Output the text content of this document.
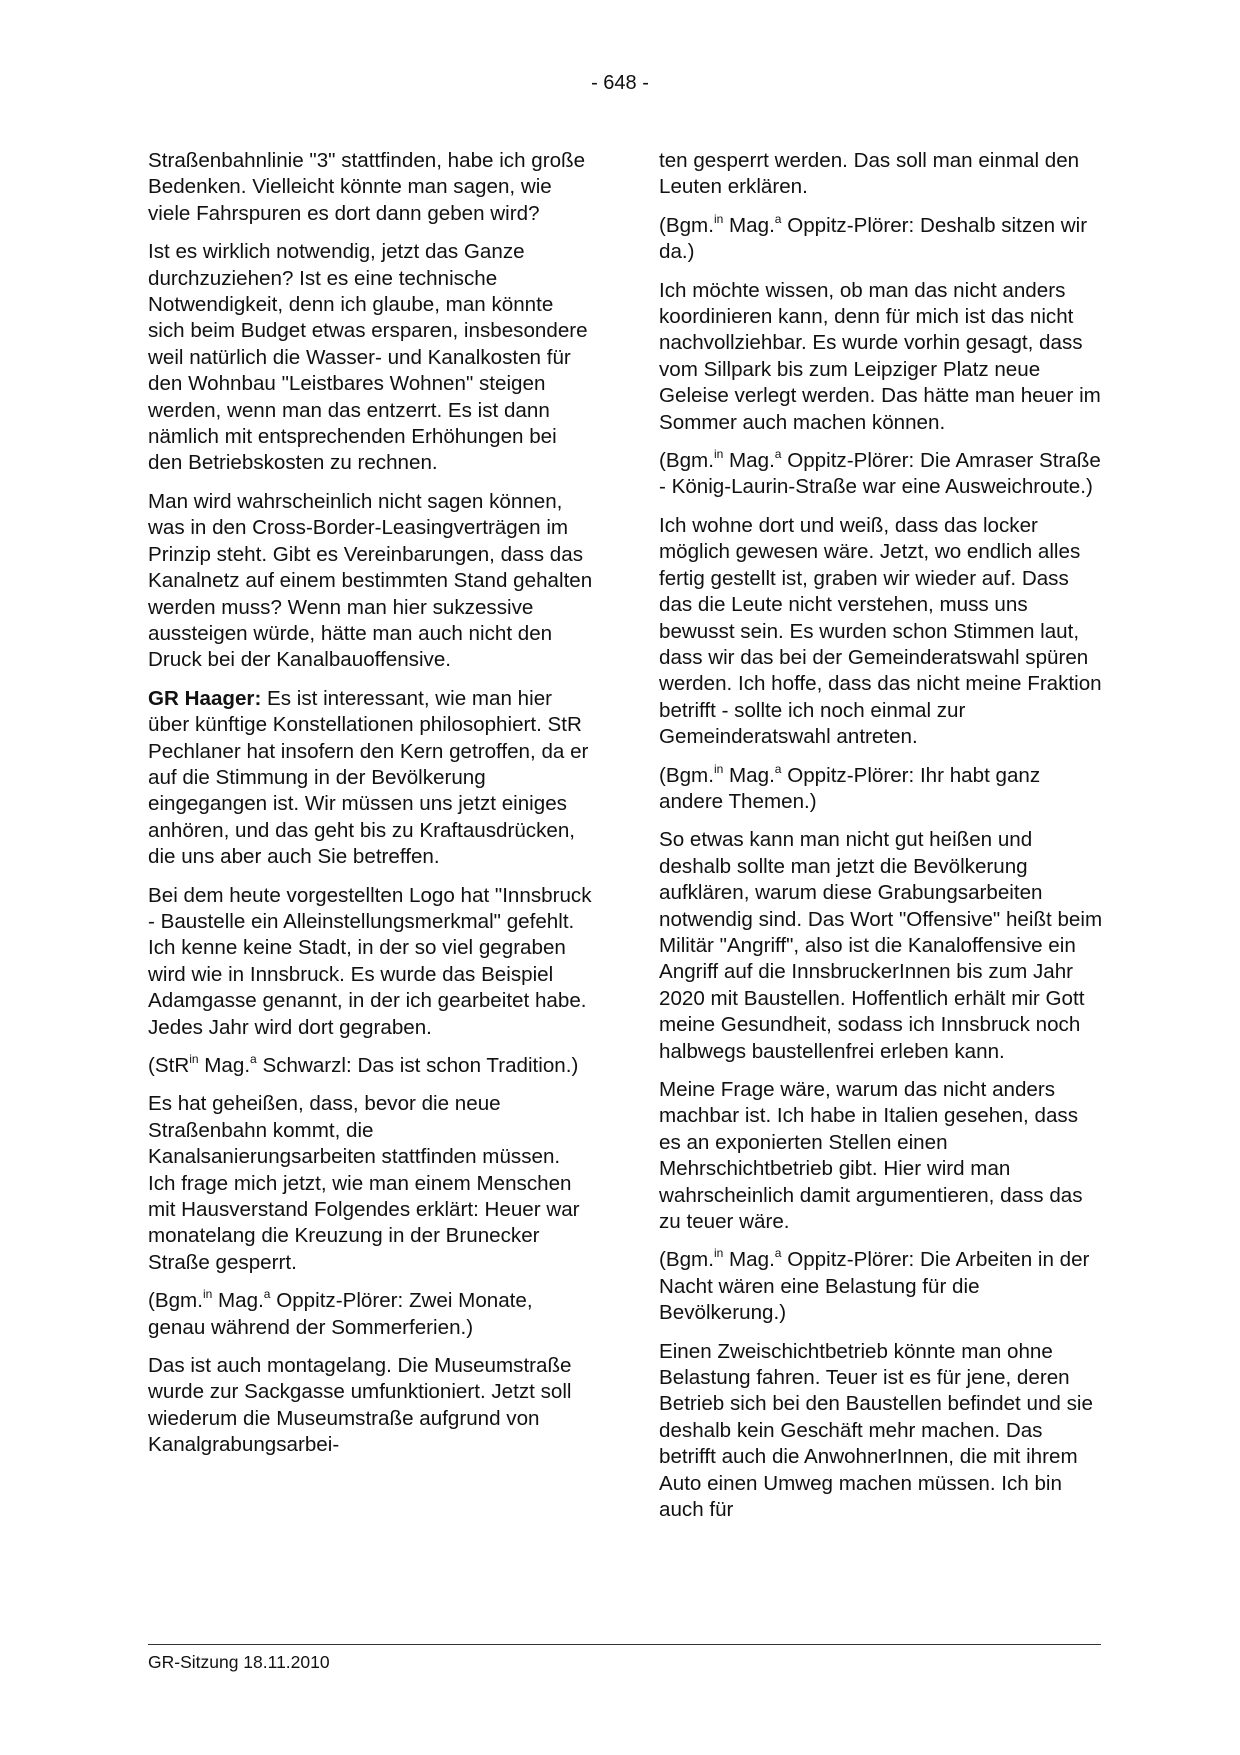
- 648 -

Straßenbahnlinie "3" stattfinden, habe ich große Bedenken. Vielleicht könnte man sagen, wie viele Fahrspuren es dort dann geben wird?

Ist es wirklich notwendig, jetzt das Ganze durchzuziehen? Ist es eine technische Notwendigkeit, denn ich glaube, man könnte sich beim Budget etwas ersparen, insbesondere weil natürlich die Wasser- und Kanalkosten für den Wohnbau "Leistbares Wohnen" steigen werden, wenn man das entzerrt. Es ist dann nämlich mit entsprechenden Erhöhungen bei den Betriebskosten zu rechnen.

Man wird wahrscheinlich nicht sagen können, was in den Cross-Border-Leasingverträgen im Prinzip steht. Gibt es Vereinbarungen, dass das Kanalnetz auf einem bestimmten Stand gehalten werden muss? Wenn man hier sukzessive aussteigen würde, hätte man auch nicht den Druck bei der Kanalbauoffensive.

GR Haager: Es ist interessant, wie man hier über künftige Konstellationen philosophiert. StR Pechlaner hat insofern den Kern getroffen, da er auf die Stimmung in der Bevölkerung eingegangen ist. Wir müssen uns jetzt einiges anhören, und das geht bis zu Kraftausdrücken, die uns aber auch Sie betreffen.

Bei dem heute vorgestellten Logo hat "Innsbruck - Baustelle ein Alleinstellungsmerkmal" gefehlt. Ich kenne keine Stadt, in der so viel gegraben wird wie in Innsbruck. Es wurde das Beispiel Adamgasse genannt, in der ich gearbeitet habe. Jedes Jahr wird dort gegraben.

(StR$^{in}$ Mag.$^a$ Schwarzl: Das ist schon Tradition.)

Es hat geheißen, dass, bevor die neue Straßenbahn kommt, die Kanalsanierungsarbeiten stattfinden müssen. Ich frage mich jetzt, wie man einem Menschen mit Hausverstand Folgendes erklärt: Heuer war monatelang die Kreuzung in der Brunecker Straße gesperrt.

(Bgm.$^{in}$ Mag.$^a$ Oppitz-Plörer: Zwei Monate, genau während der Sommerferien.)

Das ist auch montagelang. Die Museumstraße wurde zur Sackgasse umfunktioniert. Jetzt soll wiederum die Museumstraße aufgrund von Kanalgrabungsarbei-

ten gesperrt werden. Das soll man einmal den Leuten erklären.

(Bgm.$^{in}$ Mag.$^a$ Oppitz-Plörer: Deshalb sitzen wir da.)

Ich möchte wissen, ob man das nicht anders koordinieren kann, denn für mich ist das nicht nachvollziehbar. Es wurde vorhin gesagt, dass vom Sillpark bis zum Leipziger Platz neue Geleise verlegt werden. Das hätte man heuer im Sommer auch machen können.

(Bgm.$^{in}$ Mag.$^a$ Oppitz-Plörer: Die Amraser Straße - König-Laurin-Straße war eine Ausweichroute.)

Ich wohne dort und weiß, dass das locker möglich gewesen wäre. Jetzt, wo endlich alles fertig gestellt ist, graben wir wieder auf. Dass das die Leute nicht verstehen, muss uns bewusst sein. Es wurden schon Stimmen laut, dass wir das bei der Gemeinderatswahl spüren werden. Ich hoffe, dass das nicht meine Fraktion betrifft - sollte ich noch einmal zur Gemeinderatswahl antreten.

(Bgm.$^{in}$ Mag.$^a$ Oppitz-Plörer: Ihr habt ganz andere Themen.)

So etwas kann man nicht gut heißen und deshalb sollte man jetzt die Bevölkerung aufklären, warum diese Grabungsarbeiten notwendig sind. Das Wort "Offensive" heißt beim Militär "Angriff", also ist die Kanaloffensive ein Angriff auf die InnsbruckerInnen bis zum Jahr 2020 mit Baustellen. Hoffentlich erhält mir Gott meine Gesundheit, sodass ich Innsbruck noch halbwegs baustellenfrei erleben kann.

Meine Frage wäre, warum das nicht anders machbar ist. Ich habe in Italien gesehen, dass es an exponierten Stellen einen Mehrschichtbetrieb gibt. Hier wird man wahrscheinlich damit argumentieren, dass das zu teuer wäre.

(Bgm.$^{in}$ Mag.$^a$ Oppitz-Plörer: Die Arbeiten in der Nacht wären eine Belastung für die Bevölkerung.)

Einen Zweischichtbetrieb könnte man ohne Belastung fahren. Teuer ist es für jene, deren Betrieb sich bei den Baustellen befindet und sie deshalb kein Geschäft mehr machen. Das betrifft auch die AnwohnerInnen, die mit ihrem Auto einen Umweg machen müssen. Ich bin auch für

GR-Sitzung 18.11.2010
